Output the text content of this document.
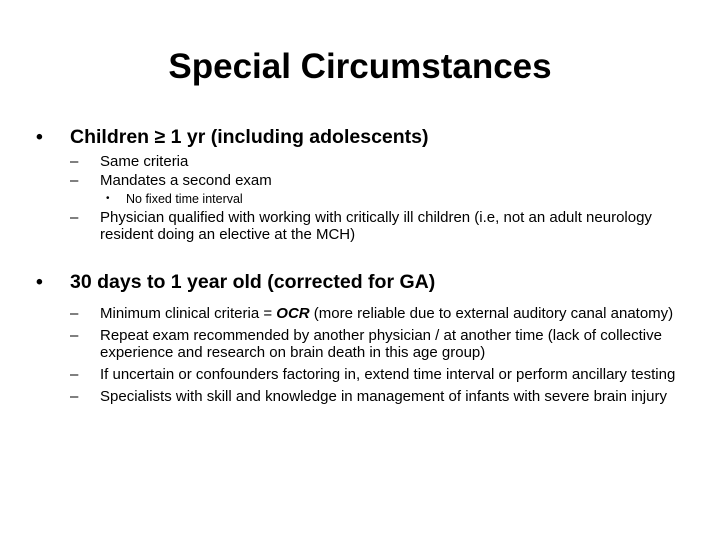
Special Circumstances
• Children ≥ 1 yr (including adolescents)
– Same criteria
– Mandates a second exam
• No fixed time interval
– Physician qualified with working with critically ill children (i.e, not an adult neurology resident doing an elective at the MCH)
• 30 days to 1 year old (corrected for GA)
– Minimum clinical criteria = OCR (more reliable due to external auditory canal anatomy)
– Repeat exam recommended by another physician / at another time (lack of collective experience and research on brain death in this age group)
– If uncertain or confounders factoring in, extend time interval or perform ancillary testing
– Specialists with skill and knowledge in management of infants with severe brain injury
